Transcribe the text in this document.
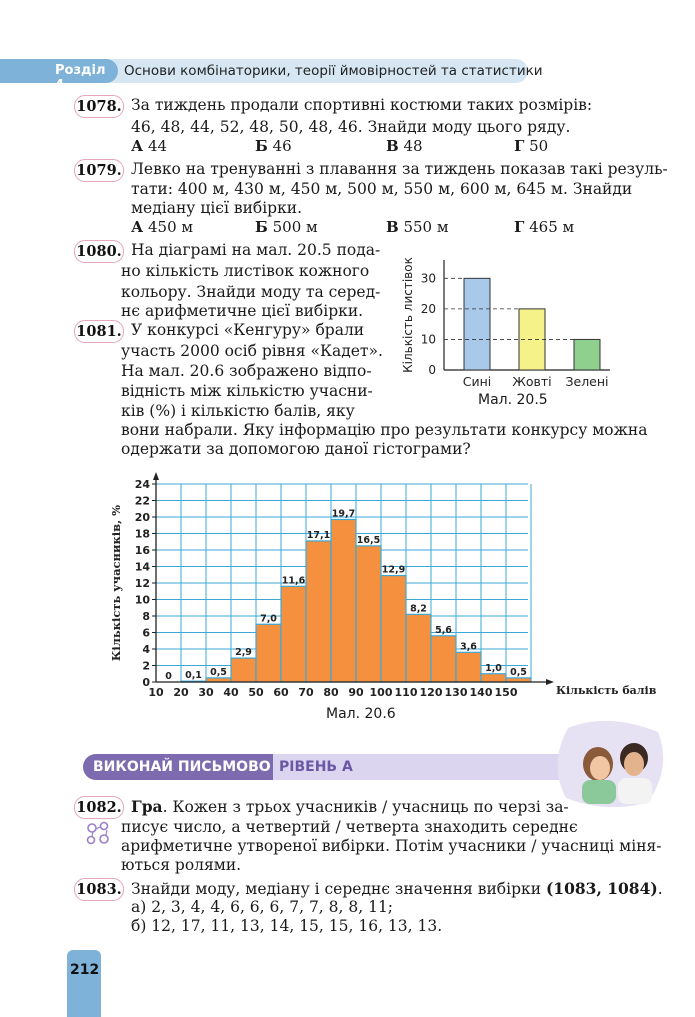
Розділ 4
Основи комбінаторики, теорії ймовірностей та статистики
1078. За тиждень продали спортивні костюми таких розмірів:
46, 48, 44, 52, 48, 50, 48, 46. Знайди моду цього ряду.
А 44	Б 46	В 48	Г 50
1079. Левко на тренуванні з плавання за тиждень показав такі резуль-
тати: 400 м, 430 м, 450 м, 500 м, 550 м, 600 м, 645 м. Знайди
медіану цієї вибірки.
А 450 м	Б 500 м	В 550 м	Г 465 м
1080. На діаграмі на мал. 20.5 пода-
но кількість листівок кожного
кольору. Знайди моду та серед-
нє арифметичне цієї вибірки.
1081. У конкурсі «Кенгуру» брали
участь 2000 осіб рівня «Кадет».
На мал. 20.6 зображено відпо-
відність між кількістю учасни-
ків (%) і кількістю балів, яку
вони набрали. Яку інформацію про результати конкурсу можна
одержати за допомогою даної гістограми?
0
10
20
30
Сині Жовті Зелені
Кількість листівок
Мал. 20.5
0
2
4
6
8
10
12
14
16
18
20
22
24
0 0,1 0,5
2,9
7,0
11,6
17,1
19,7
16,5
12,9
8,2
5,6
3,6
1,0 0,5
10 20 30 40 50 60 70 80 90 100 110 120 130 140 150	Кількість балів
Кількість учасників, %
Мал. 20.6
ВИКОНАЙ ПИСЬМОВО РІВЕНЬ А
1082. Гра. Кожен з трьох учасників / учасниць по черзі за-
писує число, а четвертий / четверта знаходить середнє
арифметичне утвореної вибірки. Потім учасники / учасниці міня-
ються ролями.
1083. Знайди моду, медіану і середнє значення вибірки (1083, 1084).
а) 2, 3, 4, 4, 6, 6, 6, 7, 7, 8, 8, 11;
б) 12, 17, 11, 13, 14, 15, 15, 16, 13, 13.
212
